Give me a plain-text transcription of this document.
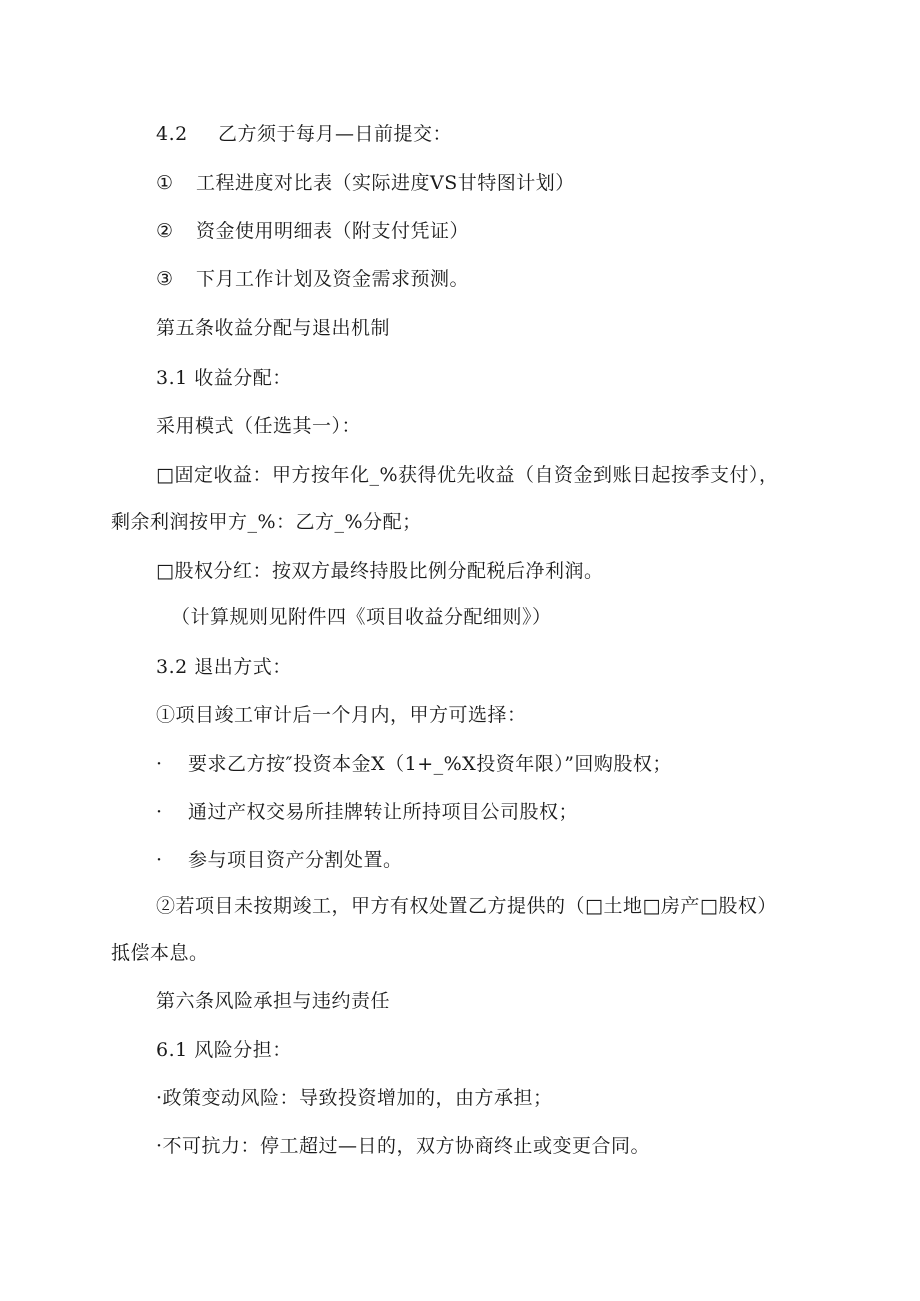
4.2 乙方须于每月—日前提交：
① 工程进度对比表（实际进度VS甘特图计划）
② 资金使用明细表（附支付凭证）
③ 下月工作计划及资金需求预测。
第五条收益分配与退出机制
3.1 收益分配：
采用模式（任选其一）：
□固定收益：甲方按年化_%获得优先收益（自资金到账日起按季支付），
剩余利润按甲方_%：乙方_%分配；
□股权分红：按双方最终持股比例分配税后净利润。
（计算规则见附件四《项目收益分配细则》）
3.2 退出方式：
①项目竣工审计后一个月内，甲方可选择：
· 要求乙方按″投资本金X（1+_%X投资年限）”回购股权；
· 通过产权交易所挂牌转让所持项目公司股权；
· 参与项目资产分割处置。
②若项目未按期竣工，甲方有权处置乙方提供的（□土地□房产□股权）
抵偿本息。
第六条风险承担与违约责任
6.1 风险分担：
·政策变动风险：导致投资增加的，由方承担；
·不可抗力：停工超过—日的，双方协商终止或变更合同。
